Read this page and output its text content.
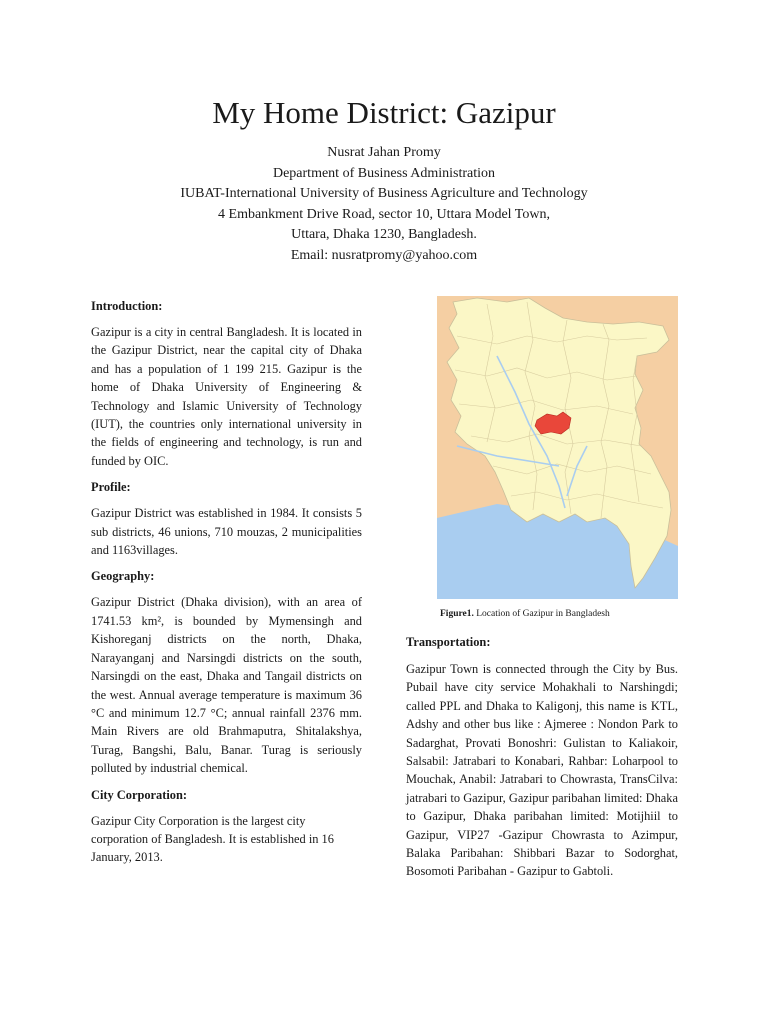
My Home District: Gazipur
Nusrat Jahan Promy
Department of Business Administration
IUBAT-International University of Business Agriculture and Technology
4 Embankment Drive Road, sector 10, Uttara Model Town,
Uttara, Dhaka 1230, Bangladesh.
Email: nusratpromy@yahoo.com
Introduction:

Gazipur is a city in central Bangladesh. It is located in the Gazipur District, near the capital city of Dhaka and has a population of 1 199 215. Gazipur is the home of Dhaka University of Engineering & Technology and Islamic University of Technology (IUT), the countries only international university in the fields of engineering and technology, is run and funded by OIC.

Profile:

Gazipur District was established in 1984. It consists 5 sub districts, 46 unions, 710 mouzas, 2 municipalities and 1163villages.

Geography:

Gazipur District (Dhaka division), with an area of 1741.53 km², is bounded by Mymensingh and Kishoreganj districts on the north, Dhaka, Narayanganj and Narsingdi districts on the south, Narsingdi on the east, Dhaka and Tangail districts on the west. Annual average temperature is maximum 36 °C and minimum 12.7 °C; annual rainfall 2376 mm. Main Rivers are old Brahmaputra, Shitalakshya, Turag, Bangshi, Balu, Banar. Turag is seriously polluted by industrial chemical.

City Corporation:

Gazipur City Corporation is the largest city corporation of Bangladesh. It is established in 16 January, 2013.

Figure1. Location of Gazipur in Bangladesh
Transportation:

Gazipur Town is connected through the City by Bus. Pubail have city service Mohakhali to Narshingdi; called PPL and Dhaka to Kaligonj, this name is KTL, Adshy and other bus like : Ajmeree : Nondon Park to Sadarghat, Provati Bonoshri: Gulistan to Kaliakoir, Salsabil: Jatrabari to Konabari, Rahbar: Loharpool to Mouchak, Anabil: Jatrabari to Chowrasta, TransCilva: jatrabari to Gazipur, Gazipur paribahan limited: Dhaka to Gazipur, Dhaka paribahan limited: Motijhiil to Gazipur, VIP27 -Gazipur Chowrasta to Azimpur, Balaka Paribahan: Shibbari Bazar to Sodorghat, Bosomoti Paribahan - Gazipur to Gabtoli.
